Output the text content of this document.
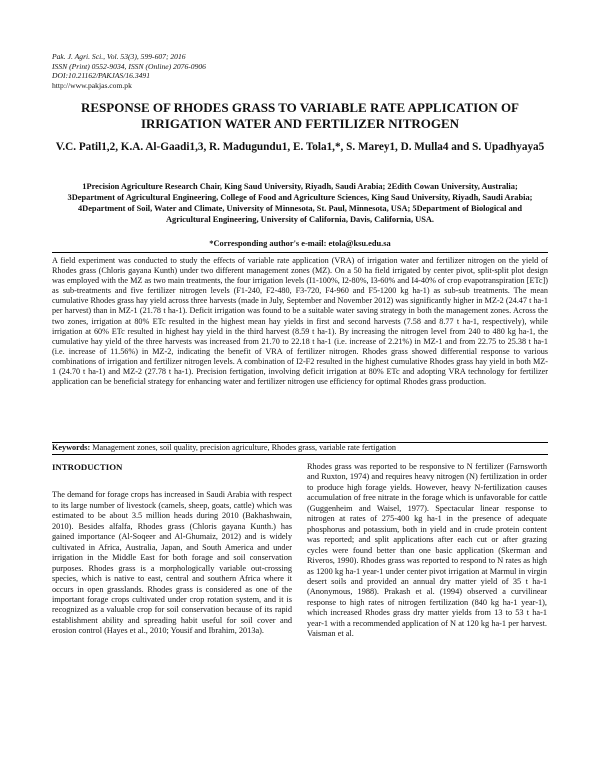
Pak. J. Agri. Sci., Vol. 53(3), 599-607; 2016
ISSN (Print) 0552-9034, ISSN (Online) 2076-0906
DOI:10.21162/PAKJAS/16.3491
http://www.pakjas.com.pk
RESPONSE OF RHODES GRASS TO VARIABLE RATE APPLICATION OF IRRIGATION WATER AND FERTILIZER NITROGEN
V.C. Patil1,2, K.A. Al-Gaadi1,3, R. Madugundu1, E. Tola1,*, S. Marey1, D. Mulla4 and S. Upadhyaya5
1Precision Agriculture Research Chair, King Saud University, Riyadh, Saudi Arabia; 2Edith Cowan University, Australia; 3Department of Agricultural Engineering, College of Food and Agriculture Sciences, King Saud University, Riyadh, Saudi Arabia; 4Department of Soil, Water and Climate, University of Minnesota, St. Paul, Minnesota, USA; 5Department of Biological and Agricultural Engineering, University of California, Davis, California, USA.
*Corresponding author's e-mail: etola@ksu.edu.sa
A field experiment was conducted to study the effects of variable rate application (VRA) of irrigation water and fertilizer nitrogen on the yield of Rhodes grass (Chloris gayana Kunth) under two different management zones (MZ). On a 50 ha field irrigated by center pivot, split-split plot design was employed with the MZ as two main treatments, the four irrigation levels (I1-100%, I2-80%, I3-60% and I4-40% of crop evapotranspiration [ETc]) as sub-treatments and five fertilizer nitrogen levels (F1-240, F2-480, F3-720, F4-960 and F5-1200 kg ha-1) as sub-sub treatments. The mean cumulative Rhodes grass hay yield across three harvests (made in July, September and November 2012) was significantly higher in MZ-2 (24.47 t ha-1 per harvest) than in MZ-1 (21.78 t ha-1). Deficit irrigation was found to be a suitable water saving strategy in both the management zones. Across the two zones, irrigation at 80% ETc resulted in the highest mean hay yields in first and second harvests (7.58 and 8.77 t ha-1, respectively), while irrigation at 60% ETc resulted in highest hay yield in the third harvest (8.59 t ha-1). By increasing the nitrogen level from 240 to 480 kg ha-1, the cumulative hay yield of the three harvests was increased from 21.70 to 22.18 t ha-1 (i.e. increase of 2.21%) in MZ-1 and from 22.75 to 25.38 t ha-1 (i.e. increase of 11.56%) in MZ-2, indicating the benefit of VRA of fertilizer nitrogen. Rhodes grass showed differential response to various combinations of irrigation and fertilizer nitrogen levels. A combination of I2-F2 resulted in the highest cumulative Rhodes grass hay yield in both MZ-1 (24.70 t ha-1) and MZ-2 (27.78 t ha-1). Precision fertigation, involving deficit irrigation at 80% ETc and adopting VRA technology for fertilizer application can be beneficial strategy for enhancing water and fertilizer nitrogen use efficiency for optimal Rhodes grass production.
Keywords: Management zones, soil quality, precision agriculture, Rhodes grass, variable rate fertigation
INTRODUCTION

The demand for forage crops has increased in Saudi Arabia with respect to its large number of livestock (camels, sheep, goats, cattle) which was estimated to be about 3.5 million heads during 2010 (Bakhashwain, 2010). Besides alfalfa, Rhodes grass (Chloris gayana Kunth.) has gained importance (Al-Soqeer and Al-Ghumaiz, 2012) and is widely cultivated in Africa, Australia, Japan, and South America and under irrigation in the Middle East for both forage and soil conservation purposes. Rhodes grass is a morphologically variable out-crossing species, which is native to east, central and southern Africa where it occurs in open grasslands. Rhodes grass is considered as one of the important forage crops cultivated under crop rotation system, and it is recognized as a valuable crop for soil conservation because of its rapid establishment ability and spreading habit useful for soil cover and erosion control (Hayes et al., 2010; Yousif and Ibrahim, 2013a).

Rhodes grass was reported to be responsive to N fertilizer (Farnsworth and Ruxton, 1974) and requires heavy nitrogen (N) fertilization in order to produce high forage yields. However, heavy N-fertilization causes accumulation of free nitrate in the forage which is unfavorable for cattle (Guggenheim and Waisel, 1977). Spectacular linear response to nitrogen at rates of 275-400 kg ha-1 in the presence of adequate phosphorus and potassium, both in yield and in crude protein content was reported; and split applications after each cut or after grazing cycles were found better than one basic application (Skerman and Riveros, 1990). Rhodes grass was reported to respond to N rates as high as 1200 kg ha-1 year-1 under center pivot irrigation at Marmul in virgin desert soils and provided an annual dry matter yield of 35 t ha-1 (Anonymous, 1988). Prakash et al. (1994) observed a curvilinear response to high rates of nitrogen fertilization (840 kg ha-1 year-1), which increased Rhodes grass dry matter yields from 13 to 53 t ha-1 year-1 with a recommended application of N at 120 kg ha-1 per harvest. Vaisman et al.
